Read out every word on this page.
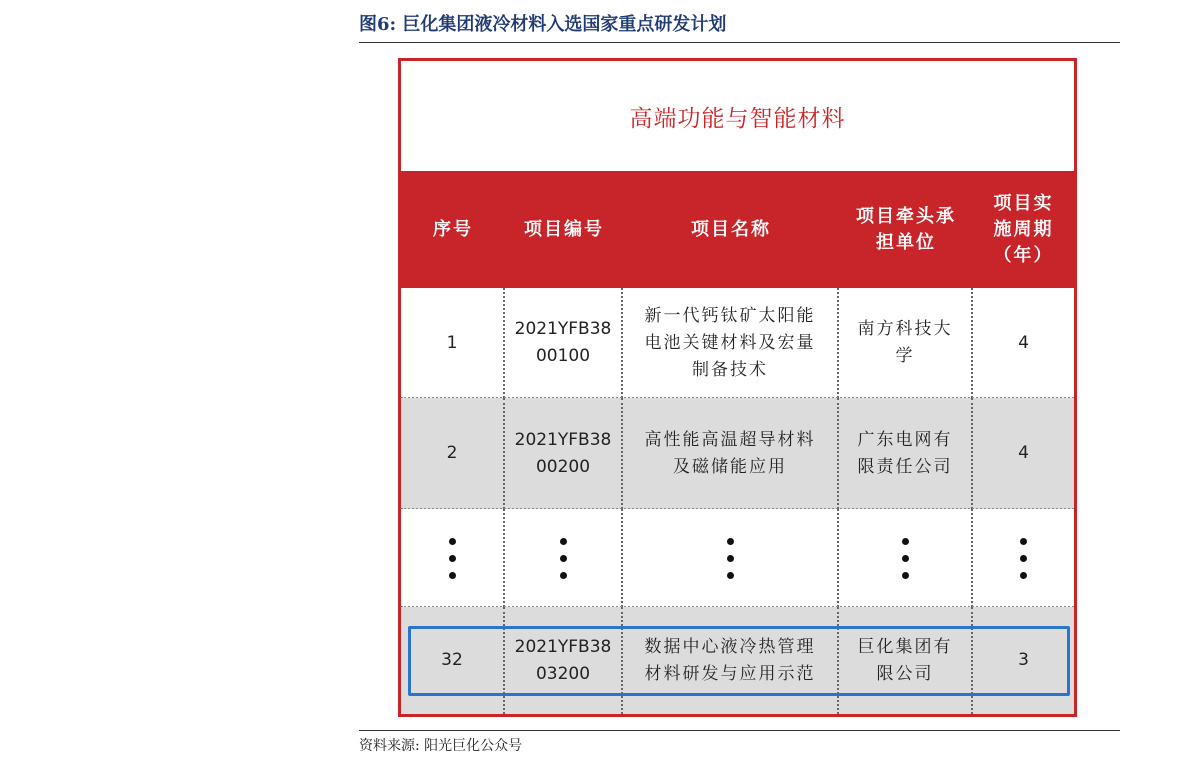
图6: 巨化集团液冷材料入选国家重点研发计划
高端功能与智能材料
序号	项目编号	项目名称
项目牵头承
担单位
项目实
施周期
（年）
1
2021YFB38
00100
新一代钙钛矿太阳能
电池关键材料及宏量
制备技术
南方科技大
学
4
2
2021YFB38
00200
高性能高温超导材料
及磁储能应用
广东电网有
限责任公司
4
32
2021YFB38
03200
数据中心液冷热管理
材料研发与应用示范
巨化集团有
限公司
3
资料来源: 阳光巨化公众号
